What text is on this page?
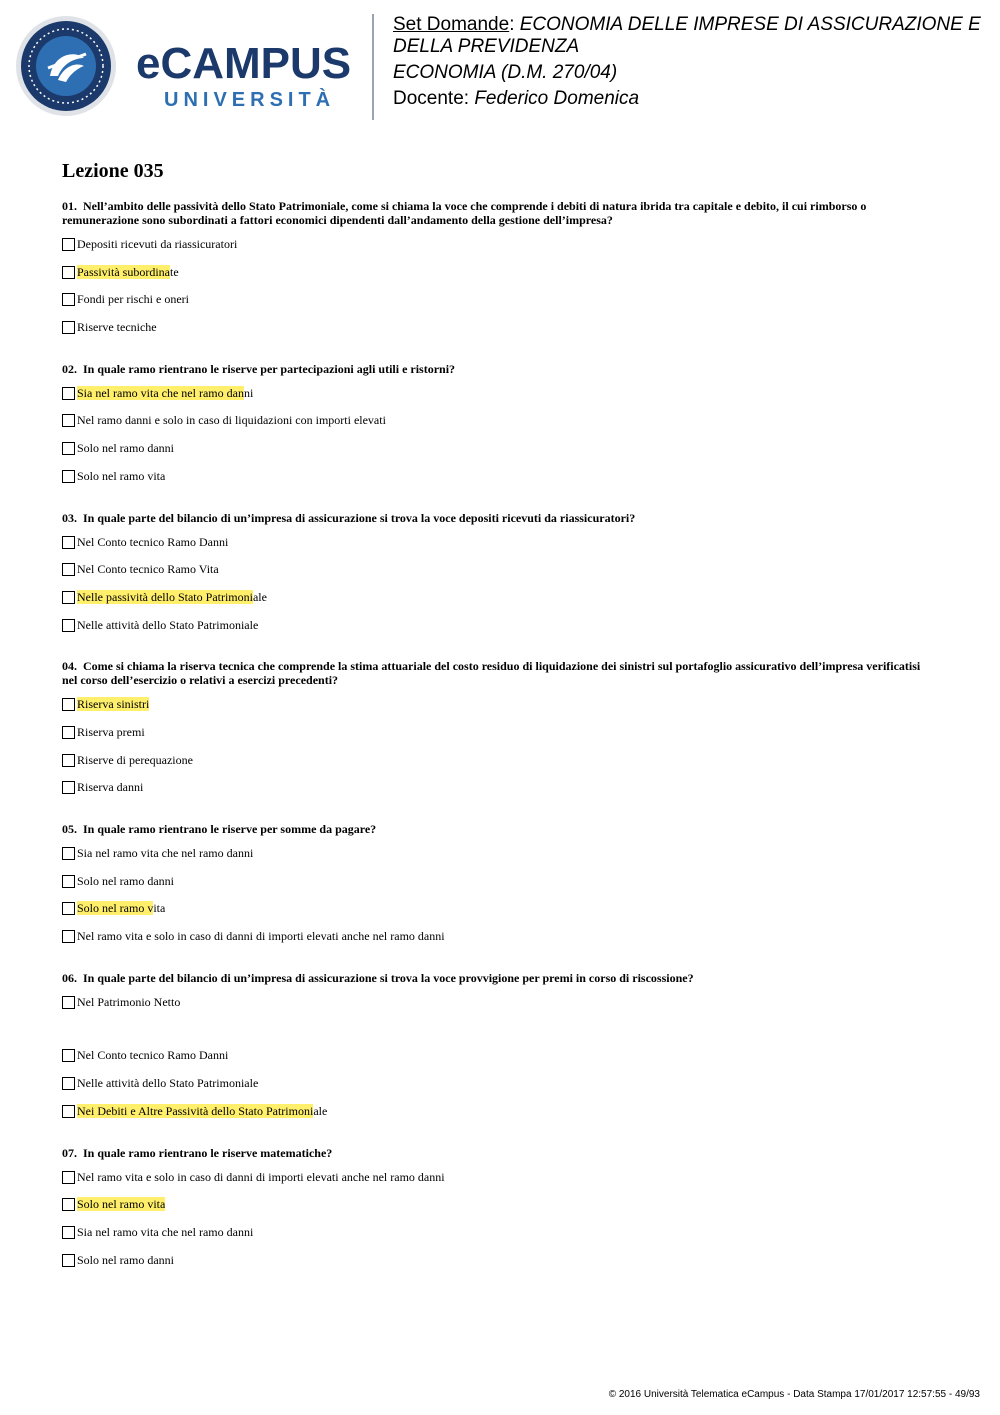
eCAMPUS
UNIVERSITÀ

Set Domande: ECONOMIA DELLE IMPRESE DI ASSICURAZIONE E

DELLA PREVIDENZA

ECONOMIA (D.M. 270/04)

Docente: Federico Domenica

Lezione 035

01. Nell’ambito delle passività dello Stato Patrimoniale, come si chiama la voce che comprende i debiti di natura ibrida tra capitale e debito, il cui rimborso o remunerazione sono subordinati a fattori economici dipendenti dall’andamento della gestione dell’impresa?

Depositi ricevuti da riassicuratori
Passività subordinate
Fondi per rischi e oneri
Riserve tecniche

02. In quale ramo rientrano le riserve per partecipazioni agli utili e ristorni?

Sia nel ramo vita che nel ramo danni
Nel ramo danni e solo in caso di liquidazioni con importi elevati
Solo nel ramo danni
Solo nel ramo vita

03. In quale parte del bilancio di un’impresa di assicurazione si trova la voce depositi ricevuti da riassicuratori?

Nel Conto tecnico Ramo Danni
Nel Conto tecnico Ramo Vita
Nelle passività dello Stato Patrimoniale
Nelle attività dello Stato Patrimoniale

04. Come si chiama la riserva tecnica che comprende la stima attuariale del costo residuo di liquidazione dei sinistri sul portafoglio assicurativo dell’impresa verificatisi nel corso dell’esercizio o relativi a esercizi precedenti?

Riserva sinistri
Riserva premi
Riserve di perequazione
Riserva danni

05. In quale ramo rientrano le riserve per somme da pagare?

Sia nel ramo vita che nel ramo danni
Solo nel ramo danni
Solo nel ramo vita
Nel ramo vita e solo in caso di danni di importi elevati anche nel ramo danni

06. In quale parte del bilancio di un’impresa di assicurazione si trova la voce provvigione per premi in corso di riscossione?

Nel Patrimonio Netto
Nel Conto tecnico Ramo Danni
Nelle attività dello Stato Patrimoniale
Nei Debiti e Altre Passività dello Stato Patrimoniale

07. In quale ramo rientrano le riserve matematiche?

Nel ramo vita e solo in caso di danni di importi elevati anche nel ramo danni
Solo nel ramo vita
Sia nel ramo vita che nel ramo danni
Solo nel ramo danni
© 2016 Università Telematica eCampus - Data Stampa 17/01/2017 12:57:55 - 49/93
